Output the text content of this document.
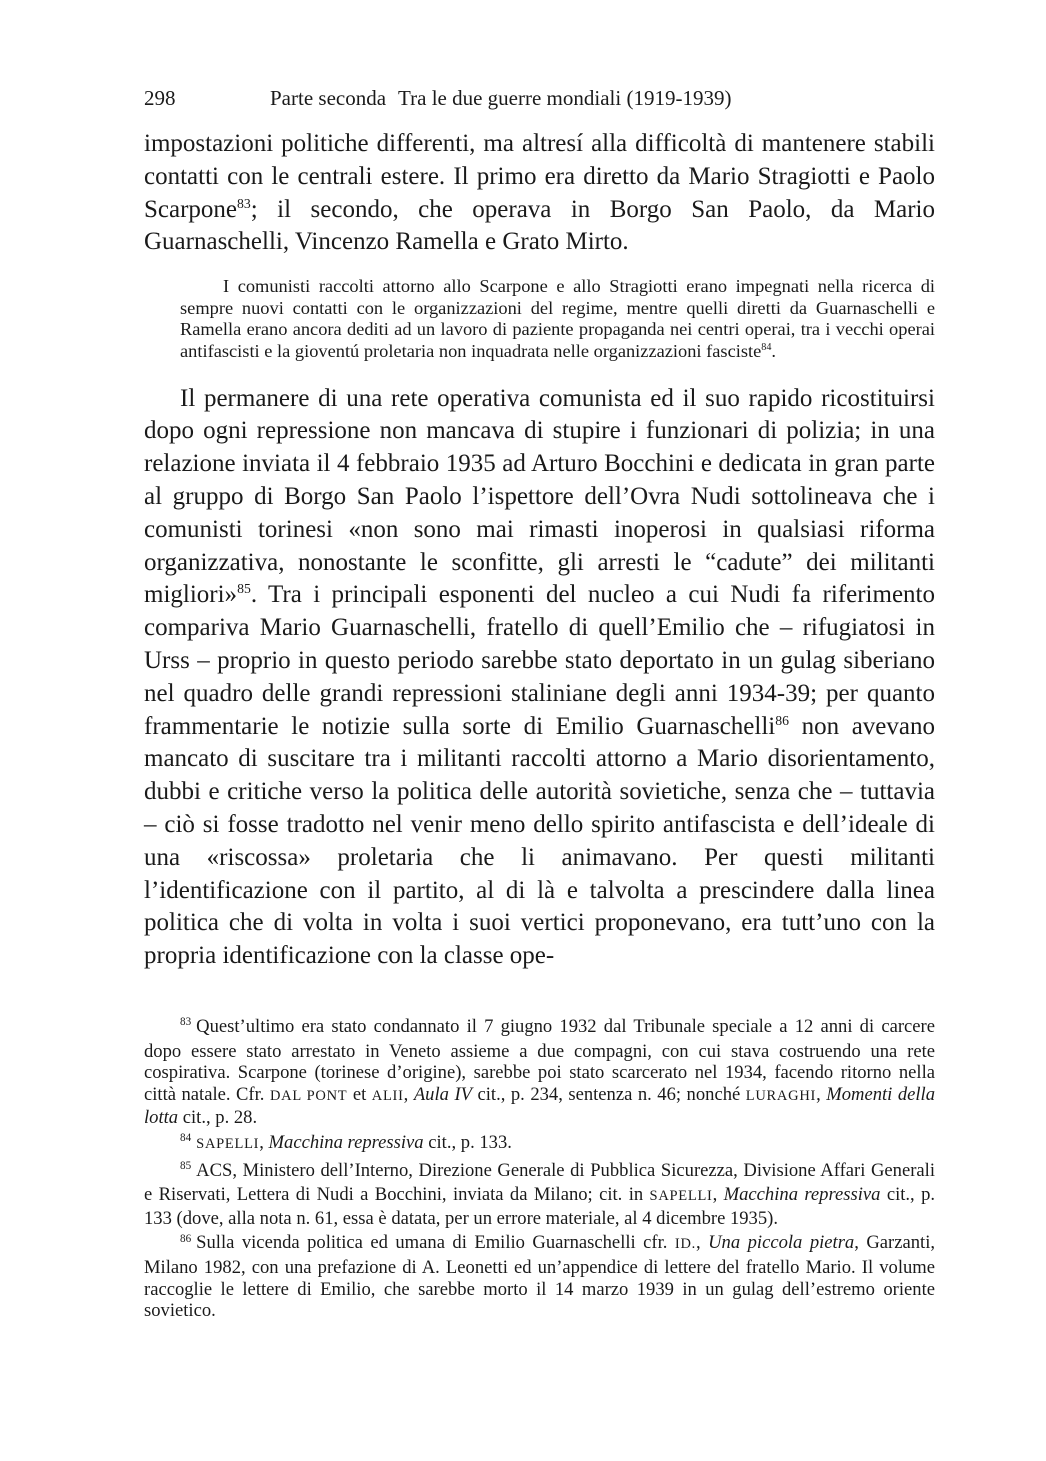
298	Parte seconda Tra le due guerre mondiali (1919-1939)

impostazioni politiche differenti, ma altresí alla difficoltà di mantenere stabili contatti con le centrali estere. Il primo era diretto da Mario Stragiotti e Paolo Scarpone$^{83}$; il secondo, che operava in Borgo San Paolo, da Mario Guarnaschelli, Vincenzo Ramella e Grato Mirto.

I comunisti raccolti attorno allo Scarpone e allo Stragiotti erano impegnati nella ricerca di sempre nuovi contatti con le organizzazioni del regime, mentre quelli diretti da Guarnaschelli e Ramella erano ancora dediti ad un lavoro di paziente propaganda nei centri operai, tra i vecchi operai antifascisti e la gioventú proletaria non inquadrata nelle organizzazioni fasciste$^{84}$.

Il permanere di una rete operativa comunista ed il suo rapido ricostituirsi dopo ogni repressione non mancava di stupire i funzionari di polizia; in una relazione inviata il 4 febbraio 1935 ad Arturo Bocchini e dedicata in gran parte al gruppo di Borgo San Paolo l’ispettore dell’Ovra Nudi sottolineava che i comunisti torinesi «non sono mai rimasti inoperosi in qualsiasi riforma organizzativa, nonostante le sconfitte, gli arresti le “cadute” dei militanti migliori»$^{85}$. Tra i principali esponenti del nucleo a cui Nudi fa riferimento compariva Mario Guarnaschelli, fratello di quell’Emilio che – rifugiatosi in Urss – proprio in questo periodo sarebbe stato deportato in un gulag siberiano nel quadro delle grandi repressioni staliniane degli anni 1934-39; per quanto frammentarie le notizie sulla sorte di Emilio Guarnaschelli$^{86}$ non avevano mancato di suscitare tra i militanti raccolti attorno a Mario disorientamento, dubbi e critiche verso la politica delle autorità sovietiche, senza che – tuttavia – ciò si fosse tradotto nel venir meno dello spirito antifascista e dell’ideale di una «riscossa» proletaria che li animavano. Per questi militanti l’identificazione con il partito, al di là e talvolta a prescindere dalla linea politica che di volta in volta i suoi vertici proponevano, era tutt’uno con la propria identificazione con la classe ope-

$^{83}$ Quest’ultimo era stato condannato il 7 giugno 1932 dal Tribunale speciale a 12 anni di carcere dopo essere stato arrestato in Veneto assieme a due compagni, con cui stava costruendo una rete cospirativa. Scarpone (torinese d’origine), sarebbe poi stato scarcerato nel 1934, facendo ritorno nella città natale. Cfr. DAL PONT et ALII, Aula IV cit., p. 234, sentenza n. 46; nonché LURAGHI, Momenti della lotta cit., p. 28.

$^{84}$ SAPELLI, Macchina repressiva cit., p. 133.

$^{85}$ ACS, Ministero dell’Interno, Direzione Generale di Pubblica Sicurezza, Divisione Affari Generali e Riservati, Lettera di Nudi a Bocchini, inviata da Milano; cit. in SAPELLI, Macchina repressiva cit., p. 133 (dove, alla nota n. 61, essa è datata, per un errore materiale, al 4 dicembre 1935).

$^{86}$ Sulla vicenda politica ed umana di Emilio Guarnaschelli cfr. ID., Una piccola pietra, Garzanti, Milano 1982, con una prefazione di A. Leonetti ed un’appendice di lettere del fratello Mario. Il volume raccoglie le lettere di Emilio, che sarebbe morto il 14 marzo 1939 in un gulag dell’estremo oriente sovietico.
